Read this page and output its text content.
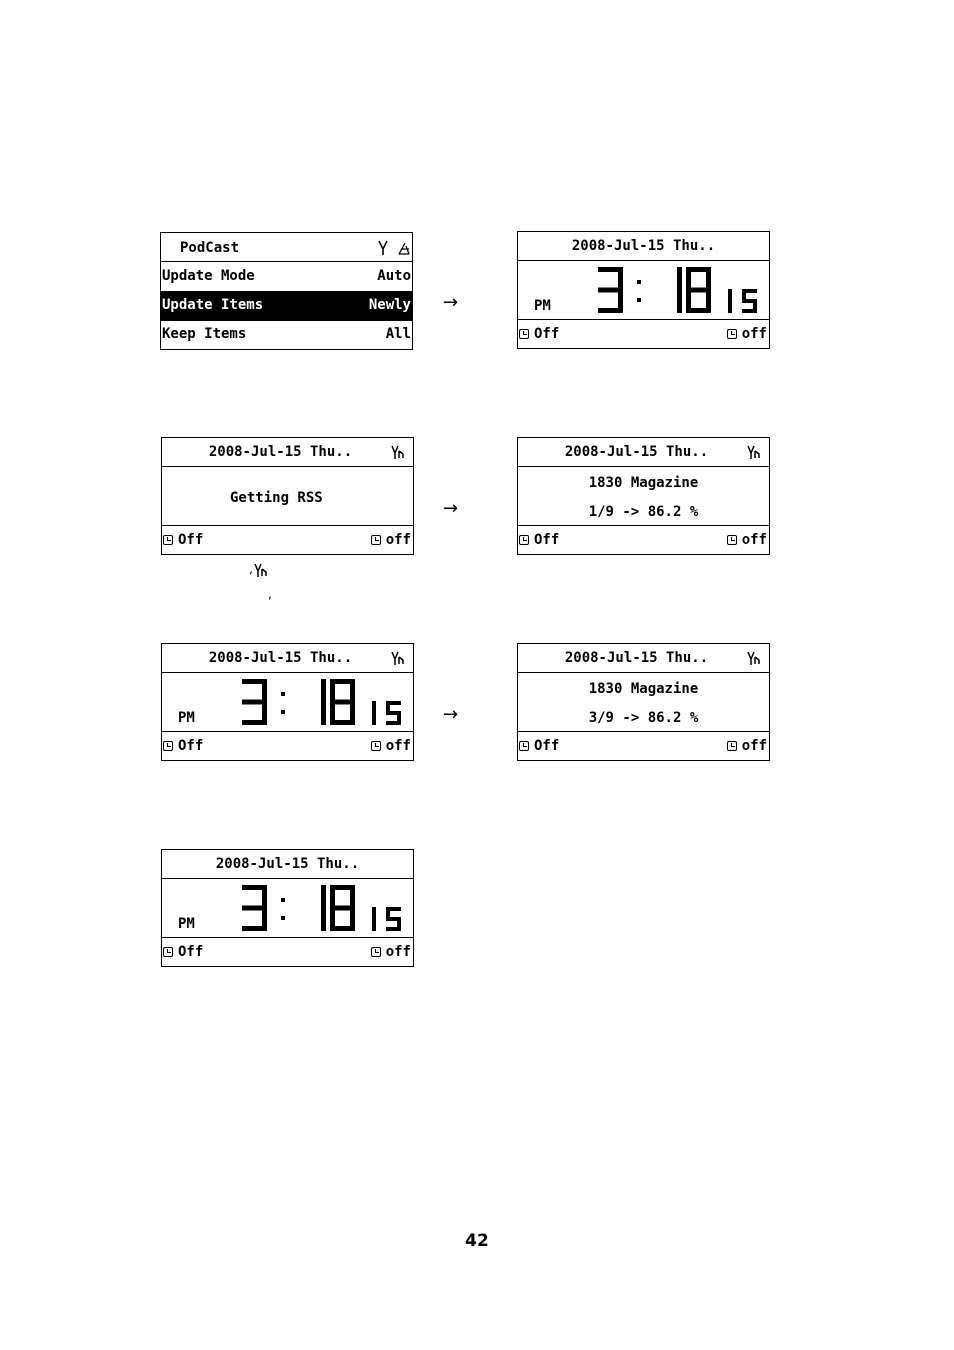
PodCast
Update Mode	Auto
Update Items	Newly
Keep Items	All
→
2008-Jul-15 Thu..
PM
Off	off
2008-Jul-15 Thu..
Getting RSS
Off	off
→
2008-Jul-15 Thu..
1830 Magazine
1/9 -> 86.2 %
Off	off
,
,
2008-Jul-15 Thu..
PM
Off	off
→
2008-Jul-15 Thu..
1830 Magazine
3/9 -> 86.2 %
Off	off
2008-Jul-15 Thu..
PM
Off	off
42
